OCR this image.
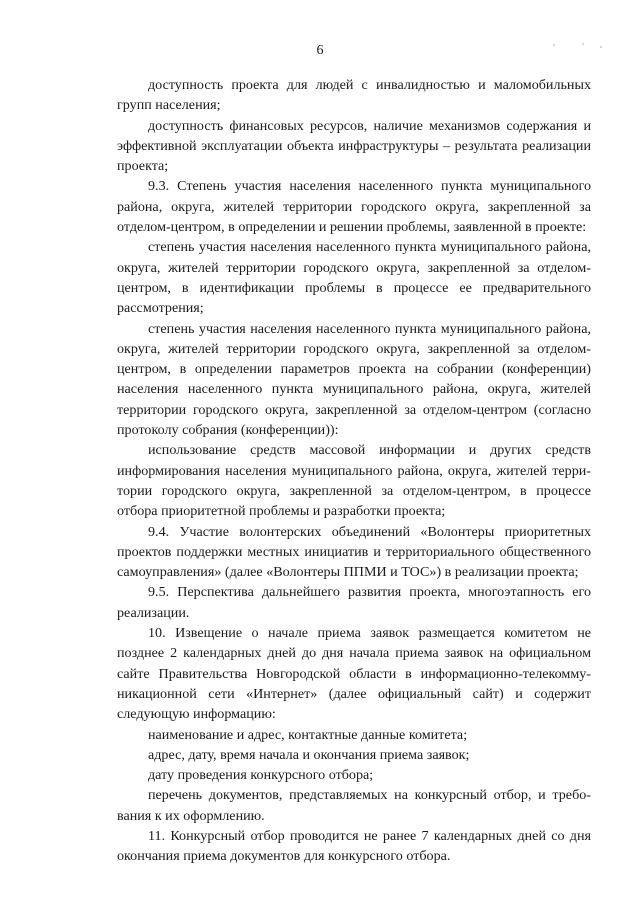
6

доступность проекта для людей с инвалидностью и маломобильных групп населения;

доступность финансовых ресурсов, наличие механизмов содержания и эффективной эксплуатации объекта инфраструктуры – результата реализации проекта;

9.3. Степень участия населения населенного пункта муниципального района, округа, жителей территории городского округа, закрепленной за отделом-центром, в определении и решении проблемы, заявленной в проекте:

степень участия населения населенного пункта муниципального района, округа, жителей территории городского округа, закрепленной за отделом-центром, в идентификации проблемы в процессе ее предварительного рассмотрения;

степень участия населения населенного пункта муниципального района, округа, жителей территории городского округа, закрепленной за отделом-центром, в определении параметров проекта на собрании (конференции) населения населенного пункта муниципального района, округа, жителей территории городского округа, закрепленной за отделом-центром (согласно протоколу собрания (конференции)):

использование средств массовой информации и других средств информирования населения муниципального района, округа, жителей территории городского округа, закрепленной за отделом-центром, в процессе отбора приоритетной проблемы и разработки проекта;

9.4. Участие волонтерских объединений «Волонтеры приоритетных проектов поддержки местных инициатив и территориального общественного самоуправления» (далее «Волонтеры ППМИ и ТОС») в реализации проекта;

9.5. Перспектива дальнейшего развития проекта, многоэтапность его реализации.

10. Извещение о начале приема заявок размещается комитетом не позднее 2 календарных дней до дня начала приема заявок на официальном сайте Правительства Новгородской области в информационно-телекоммуникационной сети «Интернет» (далее официальный сайт) и содержит следующую информацию:

наименование и адрес, контактные данные комитета;

адрес, дату, время начала и окончания приема заявок;

дату проведения конкурсного отбора;

перечень документов, представляемых на конкурсный отбор, и требования к их оформлению.

11. Конкурсный отбор проводится не ранее 7 календарных дней со дня окончания приема документов для конкурсного отбора.
